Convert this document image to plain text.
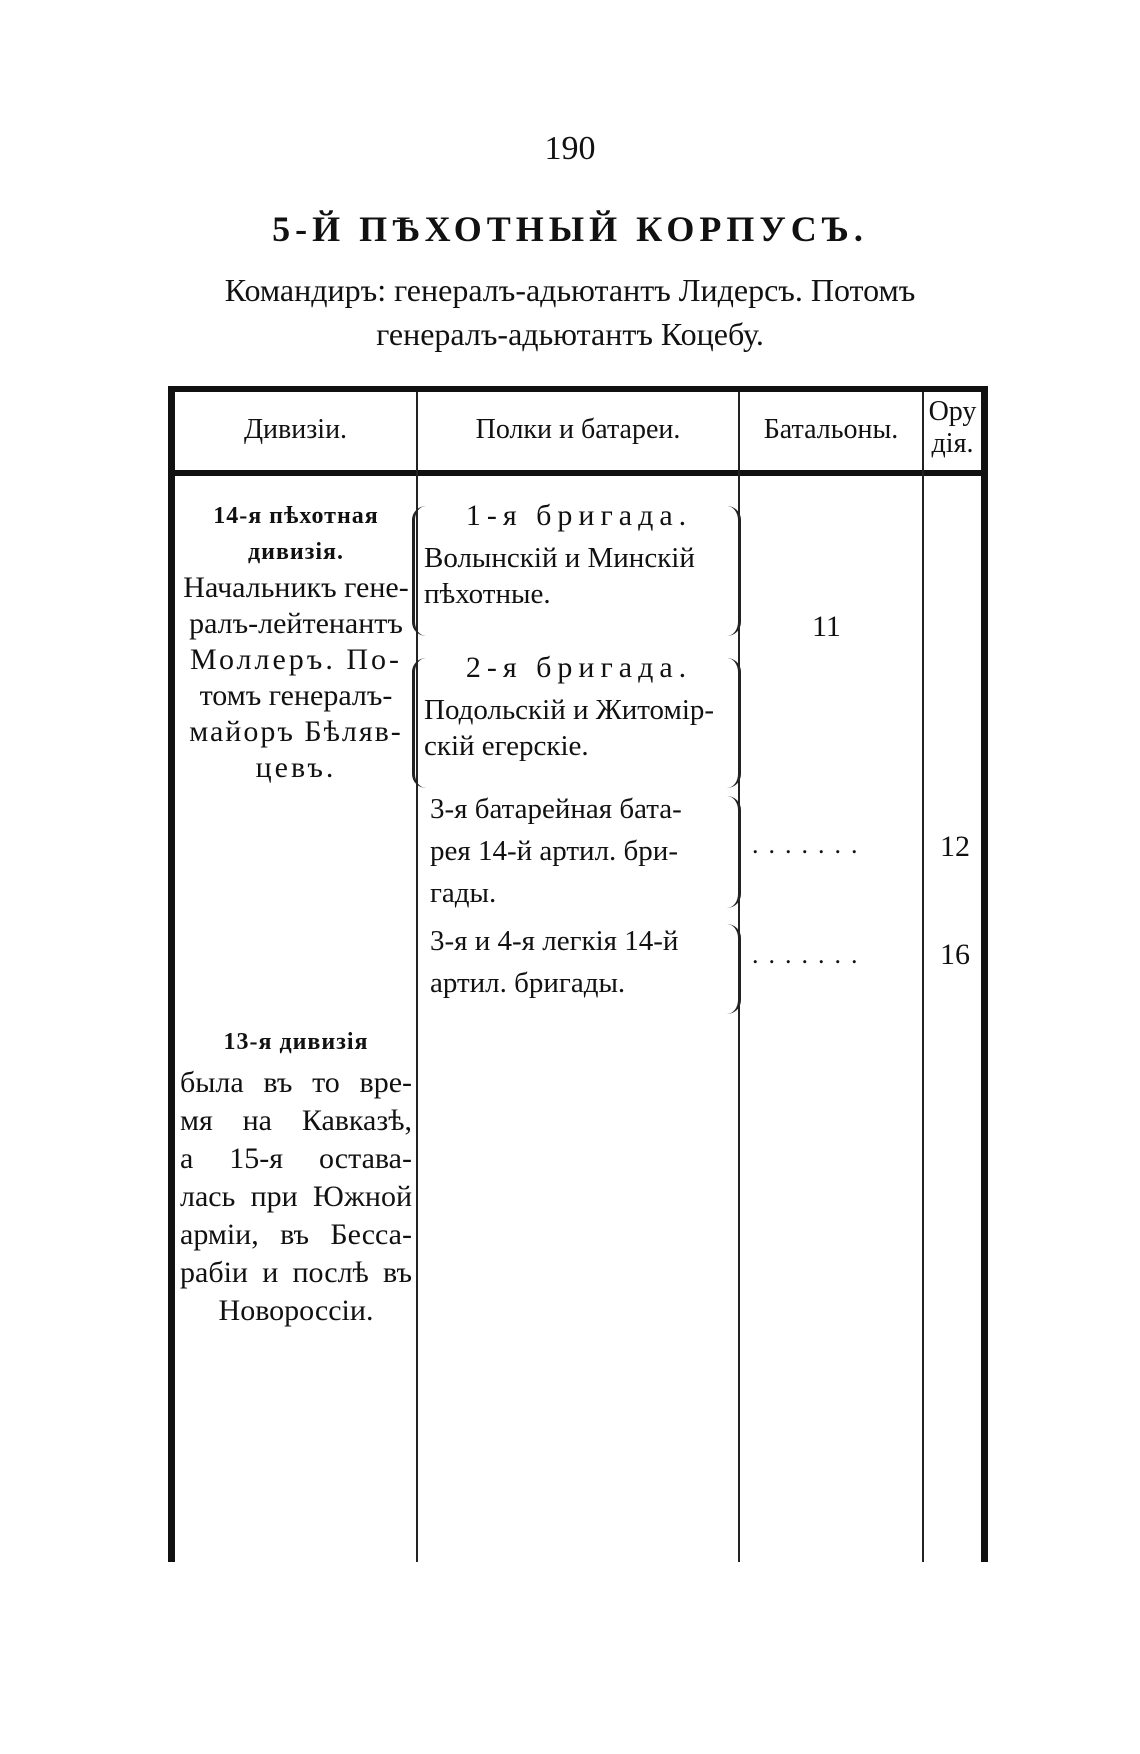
190
5-Й ПѢХОТНЫЙ КОРПУСЪ.
Командиръ: генералъ-адьютантъ Лидерсъ. Потомъ
генералъ-адьютантъ Коцебу.
Дивизіи.	Полки и батареи.	Батальоны.
Ору
дія.
14-я пѣхотная
дивизія.
Начальникъ гене-
ралъ-лейтенантъ
Моллеръ. По-
томъ генералъ-
майоръ Бѣляв-
цевъ.
1-я бригада.
Волынскій и Минскій
пѣхотные.
2-я бригада.
Подольскій и Житомір-
скій егерскіе.
11
3-я батарейная бата-
рея 14-й артил. бри-
гады.
....... 12
3-я и 4-я легкія 14-й
артил. бригады.
....... 16
13-я дивизія
была въ то вре-
мя на Кавказѣ,
а 15-я остава-
лась при Южной
арміи, въ Бесса-
рабіи и послѣ въ
Новороссіи.
